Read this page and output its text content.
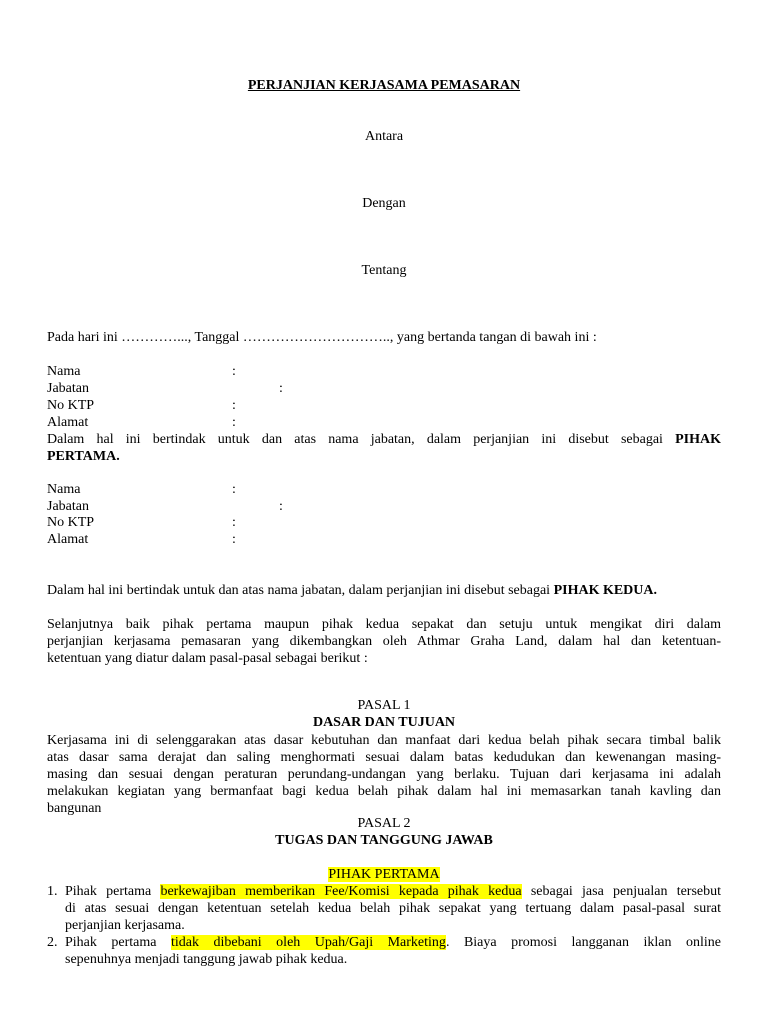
PERJANJIAN KERJASAMA PEMASARAN
Antara
Dengan
Tentang
Pada hari ini …………..., Tanggal ………………………….., yang bertanda tangan di bawah ini :
Nama	:
Jabatan	:
No KTP	:
Alamat	:
Dalam hal ini bertindak untuk dan atas nama jabatan, dalam perjanjian ini disebut sebagai PIHAK
PERTAMA.
Nama	:
Jabatan	:
No KTP	:
Alamat	:
Dalam hal ini bertindak untuk dan atas nama jabatan, dalam perjanjian ini disebut sebagai PIHAK KEDUA.
Selanjutnya baik pihak pertama maupun pihak kedua sepakat dan setuju untuk mengikat diri dalam
perjanjian kerjasama pemasaran yang dikembangkan oleh Athmar Graha Land, dalam hal dan ketentuan-
ketentuan yang diatur dalam pasal-pasal sebagai berikut :
PASAL 1
DASAR DAN TUJUAN
Kerjasama ini di selenggarakan atas dasar kebutuhan dan manfaat dari kedua belah pihak secara timbal balik
atas dasar sama derajat dan saling menghormati sesuai dalam batas kedudukan dan kewenangan masing-
masing dan sesuai dengan peraturan perundang-undangan yang berlaku. Tujuan dari kerjasama ini adalah
melakukan kegiatan yang bermanfaat bagi kedua belah pihak dalam hal ini memasarkan tanah kavling dan
bangunan
PASAL 2
TUGAS DAN TANGGUNG JAWAB
PIHAK PERTAMA
1. Pihak pertama berkewajiban memberikan Fee/Komisi kepada pihak kedua sebagai jasa penjualan tersebut
di atas sesuai dengan ketentuan setelah kedua belah pihak sepakat yang tertuang dalam pasal-pasal surat
perjanjian kerjasama.
2. Pihak pertama tidak dibebani oleh Upah/Gaji Marketing. Biaya promosi langganan iklan online
sepenuhnya menjadi tanggung jawab pihak kedua.
